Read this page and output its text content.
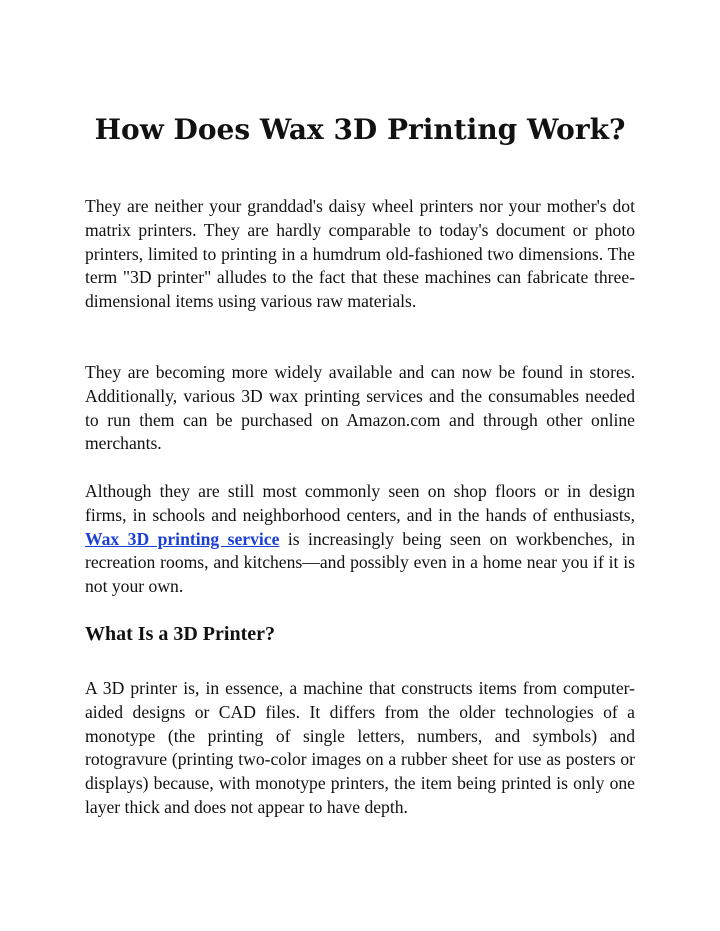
How Does Wax 3D Printing Work?

They are neither your granddad's daisy wheel printers nor your mother's dot matrix printers. They are hardly comparable to today's document or photo printers, limited to printing in a humdrum old-fashioned two dimensions. The term "3D printer" alludes to the fact that these machines can fabricate three-dimensional items using various raw materials.

They are becoming more widely available and can now be found in stores. Additionally, various 3D wax printing services and the consumables needed to run them can be purchased on Amazon.com and through other online merchants.

Although they are still most commonly seen on shop floors or in design firms, in schools and neighborhood centers, and in the hands of enthusiasts, Wax 3D printing service is increasingly being seen on workbenches, in recreation rooms, and kitchens—and possibly even in a home near you if it is not your own.

What Is a 3D Printer?

A 3D printer is, in essence, a machine that constructs items from computer-aided designs or CAD files. It differs from the older technologies of a monotype (the printing of single letters, numbers, and symbols) and rotogravure (printing two-color images on a rubber sheet for use as posters or displays) because, with monotype printers, the item being printed is only one layer thick and does not appear to have depth.
